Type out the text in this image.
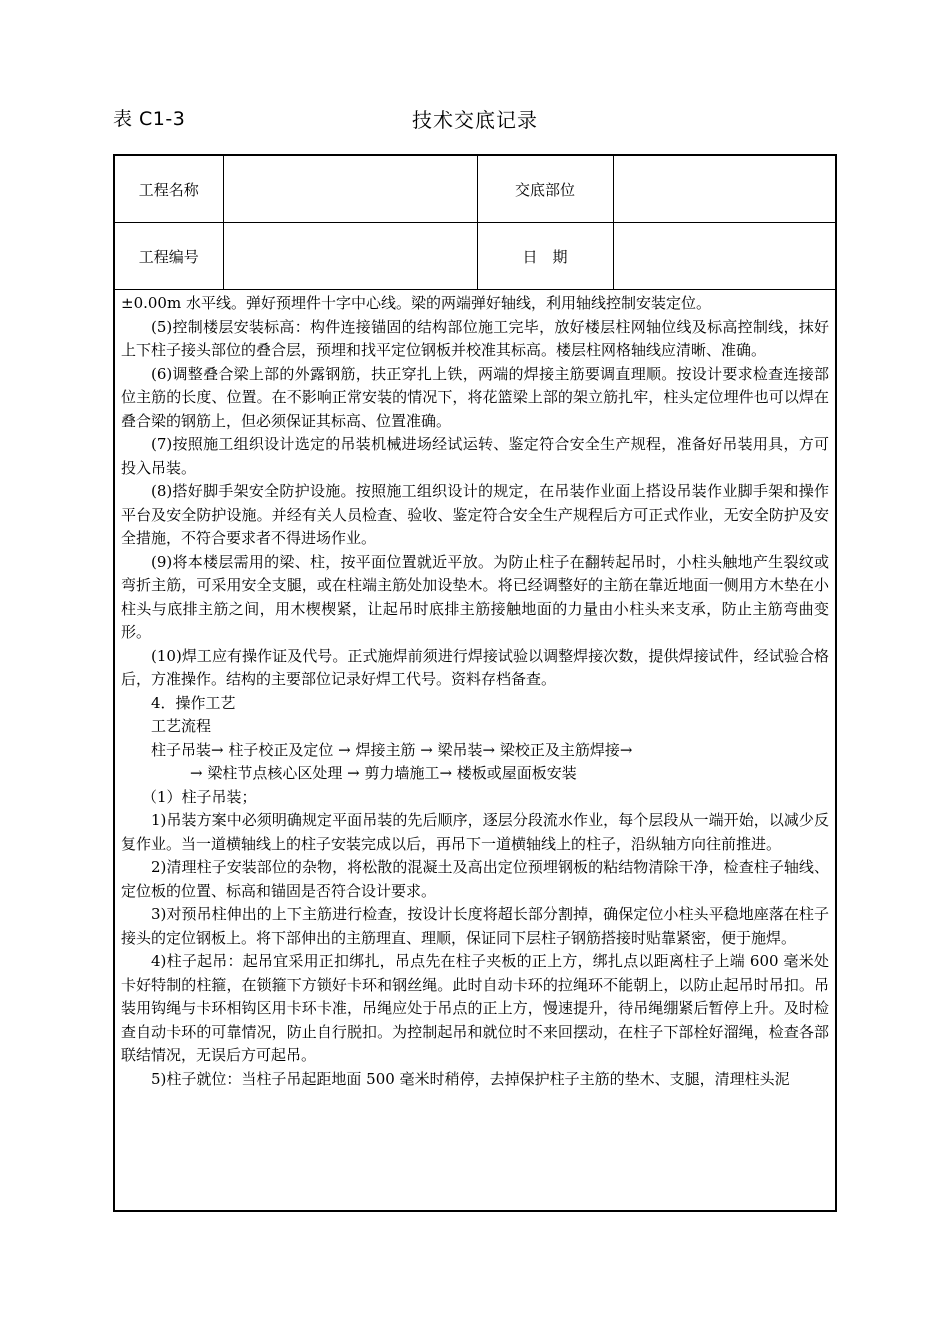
表 C1-3	技术交底记录
工程名称		交底部位	
工程编号		日　期	

±0.00m 水平线。弹好预埋件十字中心线。梁的两端弹好轴线，利用轴线控制安装定位。

(5)控制楼层安装标高：构件连接锚固的结构部位施工完毕，放好楼层柱网轴位线及标高控制线，抹好上下柱子接头部位的叠合层，预埋和找平定位钢板并校准其标高。楼层柱网格轴线应清晰、准确。

(6)调整叠合梁上部的外露钢筋，扶正穿扎上铁，两端的焊接主筋要调直理顺。按设计要求检查连接部位主筋的长度、位置。在不影响正常安装的情况下，将花篮梁上部的架立筋扎牢，柱头定位埋件也可以焊在叠合梁的钢筋上，但必须保证其标高、位置准确。

(7)按照施工组织设计选定的吊装机械进场经试运转、鉴定符合安全生产规程，准备好吊装用具，方可投入吊装。

(8)搭好脚手架安全防护设施。按照施工组织设计的规定，在吊装作业面上搭设吊装作业脚手架和操作平台及安全防护设施。并经有关人员检查、验收、鉴定符合安全生产规程后方可正式作业，无安全防护及安全措施，不符合要求者不得进场作业。

(9)将本楼层需用的梁、柱，按平面位置就近平放。为防止柱子在翻转起吊时，小柱头触地产生裂纹或弯折主筋，可采用安全支腿，或在柱端主筋处加设垫木。将已经调整好的主筋在靠近地面一侧用方木垫在小柱头与底排主筋之间，用木楔楔紧，让起吊时底排主筋接触地面的力量由小柱头来支承，防止主筋弯曲变形。

(10)焊工应有操作证及代号。正式施焊前须进行焊接试验以调整焊接次数，提供焊接试件，经试验合格后，方准操作。结构的主要部位记录好焊工代号。资料存档备查。

4．操作工艺

工艺流程

柱子吊装→ 柱子校正及定位 → 焊接主筋 → 梁吊装→ 梁校正及主筋焊接→

→ 梁柱节点核心区处理 → 剪力墙施工→ 楼板或屋面板安装

（1）柱子吊装；

1)吊装方案中必须明确规定平面吊装的先后顺序，逐层分段流水作业，每个层段从一端开始，以减少反复作业。当一道横轴线上的柱子安装完成以后，再吊下一道横轴线上的柱子，沿纵轴方向往前推进。

2)清理柱子安装部位的杂物，将松散的混凝土及高出定位预埋钢板的粘结物清除干净，检查柱子轴线、定位板的位置、标高和锚固是否符合设计要求。

3)对预吊柱伸出的上下主筋进行检查，按设计长度将超长部分割掉，确保定位小柱头平稳地座落在柱子接头的定位钢板上。将下部伸出的主筋理直、理顺，保证同下层柱子钢筋搭接时贴靠紧密，便于施焊。

4)柱子起吊：起吊宜采用正扣绑扎，吊点先在柱子夹板的正上方，绑扎点以距离柱子上端 600 毫米处卡好特制的柱箍，在锁箍下方锁好卡环和钢丝绳。此时自动卡环的拉绳环不能朝上，以防止起吊时吊扣。吊装用钩绳与卡环相钩区用卡环卡准，吊绳应处于吊点的正上方，慢速提升，待吊绳绷紧后暂停上升。及时检查自动卡环的可靠情况，防止自行脱扣。为控制起吊和就位时不来回摆动，在柱子下部栓好溜绳，检查各部联结情况，无误后方可起吊。

5)柱子就位：当柱子吊起距地面 500 毫米时稍停，去掉保护柱子主筋的垫木、支腿，清理柱头泥
